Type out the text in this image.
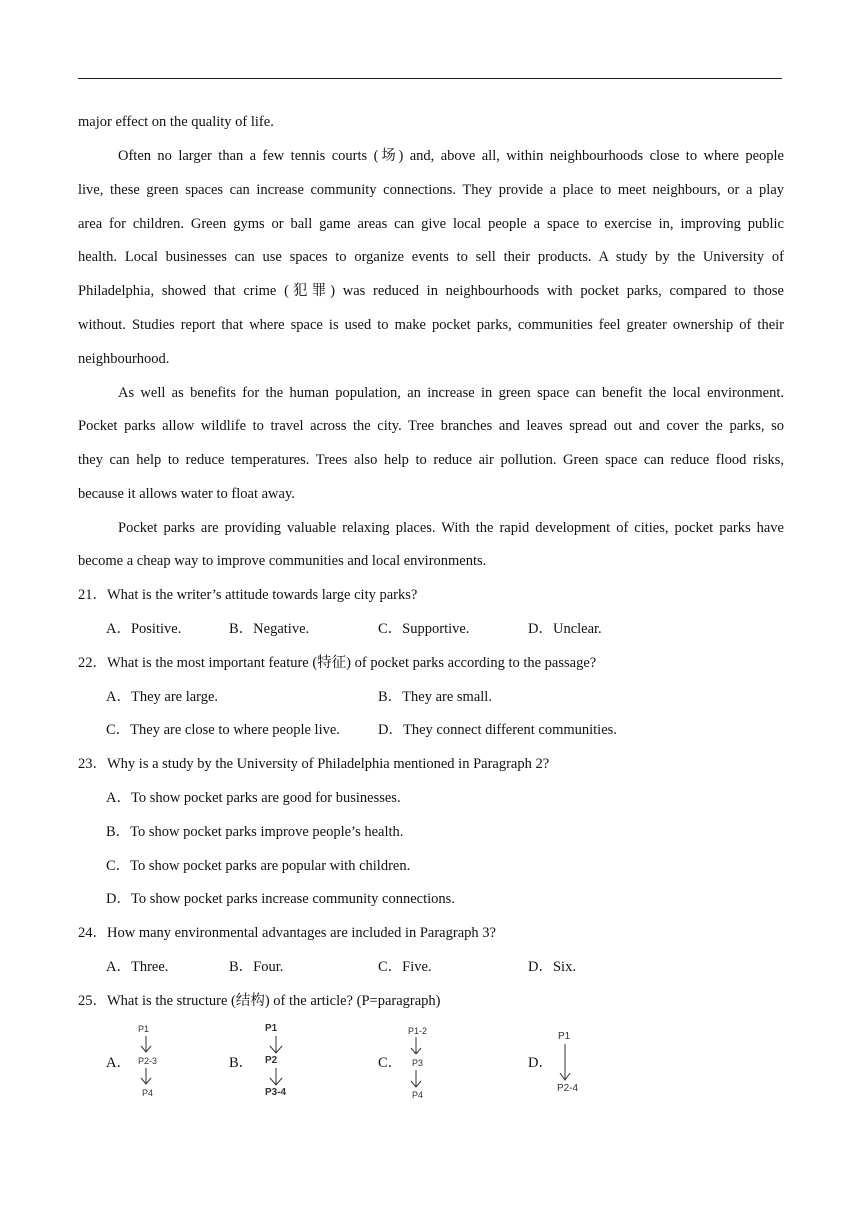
major effect on the quality of life.
Often no larger than a few tennis courts (场) and, above all, within neighbourhoods close to where people
live, these green spaces can increase community connections. They provide a place to meet neighbours, or a play
area for children. Green gyms or ball game areas can give local people a space to exercise in, improving public
health. Local businesses can use spaces to organize events to sell their products. A study by the University of
Philadelphia, showed that crime (犯罪) was reduced in neighbourhoods with pocket parks, compared to those
without. Studies report that where space is used to make pocket parks, communities feel greater ownership of their
neighbourhood.
As well as benefits for the human population, an increase in green space can benefit the local environment.
Pocket parks allow wildlife to travel across the city. Tree branches and leaves spread out and cover the parks, so
they can help to reduce temperatures. Trees also help to reduce air pollution. Green space can reduce flood risks,
because it allows water to float away.
Pocket parks are providing valuable relaxing places. With the rapid development of cities, pocket parks have
become a cheap way to improve communities and local environments.
21．What is the writer’s attitude towards large city parks?
A．Positive.	B．Negative.	C．Supportive.	D．Unclear.
22．What is the most important feature (特征) of pocket parks according to the passage?
A．They are large.	B．They are small.
C．They are close to where people live.	D．They connect different communities.
23．Why is a study by the University of Philadelphia mentioned in Paragraph 2?
A．To show pocket parks are good for businesses.
B．To show pocket parks improve people’s health.
C．To show pocket parks are popular with children.
D．To show pocket parks increase community connections.
24．How many environmental advantages are included in Paragraph 3?
A．Three.	B．Four.	C．Five.	D．Six.
25．What is the structure (结构) of the article? (P=paragraph)
A．	B．	C．	D．
P1
P2-3
P4
P1
P2
P3-4
P1-2
P3
P4
P1
P2-4
